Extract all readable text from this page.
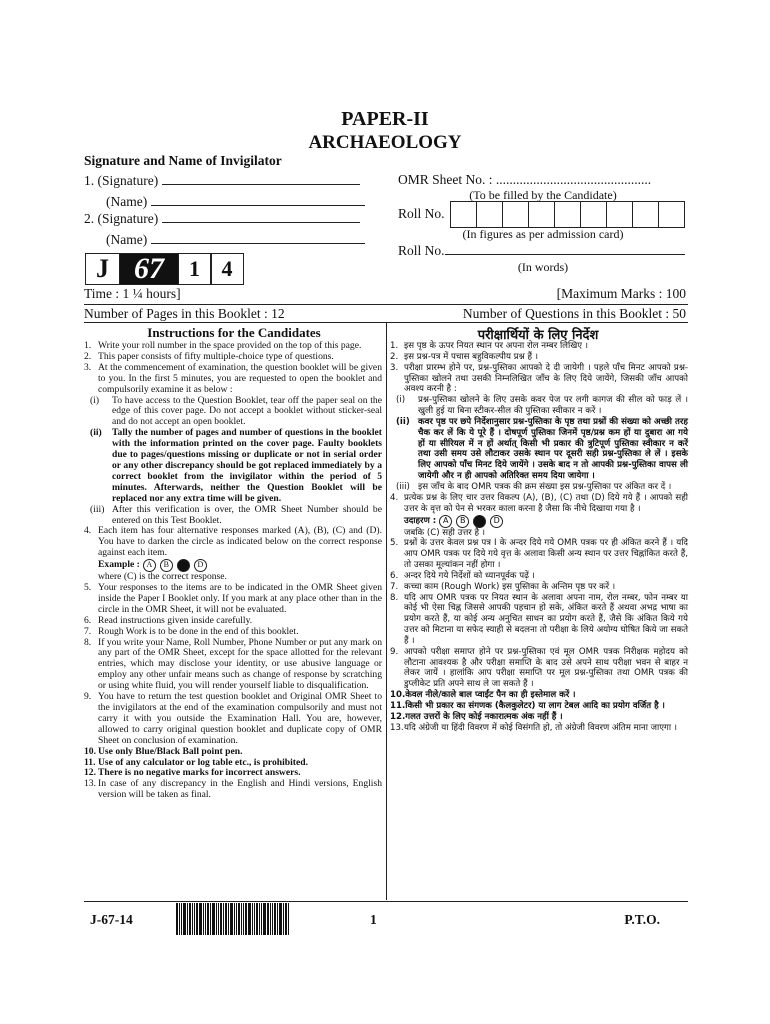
PAPER-II
ARCHAEOLOGY
Signature and Name of Invigilator
1. (Signature)
(Name)
2. (Signature)
(Name)
OMR Sheet No. : ..............................................
(To be filled by the Candidate)
Roll No.
(In figures as per admission card)
Roll No.
(In words)
J 67	1 4
Time : 1 ¼ hours]	[Maximum Marks : 100
Number of Pages in this Booklet : 12	Number of Questions in this Booklet : 50
Instructions for the Candidates	परीक्षार्थियों के लिए निर्देश
1. Write your roll number in the space provided on the top of this page.
2. This paper consists of fifty multiple-choice type of questions.
3. At the commencement of examination, the question booklet will be given to you. In the first 5 minutes, you are requested to open the booklet and compulsorily examine it as below :
(i)	To have access to the Question Booklet, tear off the paper seal on the edge of this cover page. Do not accept a booklet without sticker-seal and do not accept an open booklet.
(ii)	Tally the number of pages and number of questions in the booklet with the information printed on the cover page. Faulty booklets due to pages/questions missing or duplicate or not in serial order or any other discrepancy should be got replaced immediately by a correct booklet from the invigilator within the period of 5 minutes. Afterwards, neither the Question Booklet will be replaced nor any extra time will be given.
(iii) After this verification is over, the OMR Sheet Number should be entered on this Test Booklet.
4. Each item has four alternative responses marked (A), (B), (C) and (D). You have to darken the circle as indicated below on the correct response against each item.
Example : A	B	D
where (C) is the correct response.
5. Your responses to the items are to be indicated in the OMR Sheet given inside the Paper I Booklet only. If you mark at any place other than in the circle in the OMR Sheet, it will not be evaluated.
6. Read instructions given inside carefully.
7. Rough Work is to be done in the end of this booklet.
8. If you write your Name, Roll Number, Phone Number or put any mark on any part of the OMR Sheet, except for the space allotted for the relevant entries, which may disclose your identity, or use abusive language or employ any other unfair means such as change of response by scratching or using white fluid, you will render yourself liable to disqualification.
9. You have to return the test question booklet and Original OMR Sheet to the invigilators at the end of the examination compulsorily and must not carry it with you outside the Examination Hall. You are, however, allowed to carry original question booklet and duplicate copy of OMR Sheet on conclusion of examination.
10. Use only Blue/Black Ball point pen.
11. Use of any calculator or log table etc., is prohibited.
12. There is no negative marks for incorrect answers.
13. In case of any discrepancy in the English and Hindi versions, English version will be taken as final.
1. इस पृष्ठ के ऊपर नियत स्थान पर अपना रोल नम्बर लिखिए ।
2. इस प्रश्न-पत्र में पचास बहुविकल्पीय प्रश्न हैं ।
3. परीक्षा प्रारम्भ होने पर, प्रश्न-पुस्तिका आपको दे दी जायेगी । पहले पाँच मिनट आपको प्रश्न-पुस्तिका खोलने तथा उसकी निम्नलिखित जाँच के लिए दिये जायेंगे, जिसकी जाँच आपको अवश्य करनी है :
(i)	प्रश्न-पुस्तिका खोलने के लिए उसके कवर पेज पर लगी कागज की सील को फाड़ लें । खुली हुई या बिना स्टीकर-सील की पुस्तिका स्वीकार न करें ।
(ii) कवर पृष्ठ पर छपे निर्देशानुसार प्रश्न-पुस्तिका के पृष्ठ तथा प्रश्नों की संख्या को अच्छी तरह चैक कर लें कि ये पूरे हैं । दोषपूर्ण पुस्तिका जिनमें पृष्ठ/प्रश्न कम हों या दुबारा आ गये हों या सीरियल में न हों अर्थात् किसी भी प्रकार की त्रुटिपूर्ण पुस्तिका स्वीकार न करें तथा उसी समय उसे लौटाकर उसके स्थान पर दूसरी सही प्रश्न-पुस्तिका ले लें । इसके लिए आपको पाँच मिनट दिये जायेंगे । उसके बाद न तो आपकी प्रश्न-पुस्तिका वापस ली जायेगी और न ही आपको अतिरिक्त समय दिया जायेगा ।
(iii) इस जाँच के बाद OMR पत्रक की क्रम संख्या इस प्रश्न-पुस्तिका पर अंकित कर दें ।
4. प्रत्येक प्रश्न के लिए चार उत्तर विकल्प (A), (B), (C) तथा (D) दिये गये हैं । आपको सही उत्तर के वृत्त को पेन से भरकर काला करना है जैसा कि नीचे दिखाया गया है ।
उदाहरण : A	B	D
जबकि (C) सही उत्तर है ।
5. प्रश्नों के उत्तर केवल प्रश्न पत्र I के अन्दर दिये गये OMR पत्रक पर ही अंकित करने हैं । यदि आप OMR पत्रक पर दिये गये वृत्त के अलावा किसी अन्य स्थान पर उत्तर चिह्नांकित करते हैं, तो उसका मूल्यांकन नहीं होगा ।
6. अन्दर दिये गये निर्देशों को ध्यानपूर्वक पढ़ें ।
7. कच्चा काम (Rough Work) इस पुस्तिका के अन्तिम पृष्ठ पर करें ।
8. यदि आप OMR पत्रक पर नियत स्थान के अलावा अपना नाम, रोल नम्बर, फोन नम्बर या कोई भी ऐसा चिह्न जिससे आपकी पहचान हो सके, अंकित करते हैं अथवा अभद्र भाषा का प्रयोग करते हैं, या कोई अन्य अनुचित साधन का प्रयोग करते हैं, जैसे कि अंकित किये गये उत्तर को मिटाना या सफेद स्याही से बदलना तो परीक्षा के लिये अयोग्य घोषित किये जा सकते हैं ।
9. आपको परीक्षा समाप्त होने पर प्रश्न-पुस्तिका एवं मूल OMR पत्रक निरीक्षक महोदय को लौटाना आवश्यक है और परीक्षा समाप्ति के बाद उसे अपने साथ परीक्षा भवन से बाहर न लेकर जायें । हालांकि आप परीक्षा समाप्ति पर मूल प्रश्न-पुस्तिका तथा OMR पत्रक की डुप्लीकेट प्रति अपने साथ ले जा सकते हैं ।
10. केवल नीले/काले बाल प्वाईंट पैन का ही इस्तेमाल करें ।
11. किसी भी प्रकार का संगणक (कैलकुलेटर) या लाग टेबल आदि का प्रयोग वर्जित है ।
12. गलत उत्तरों के लिए कोई नकारात्मक अंक नहीं हैं ।
13. यदि अंग्रेजी या हिंदी विवरण में कोई विसंगति हो, तो अंग्रेजी विवरण अंतिम माना जाएगा ।
J-67-14	1	P.T.O.
